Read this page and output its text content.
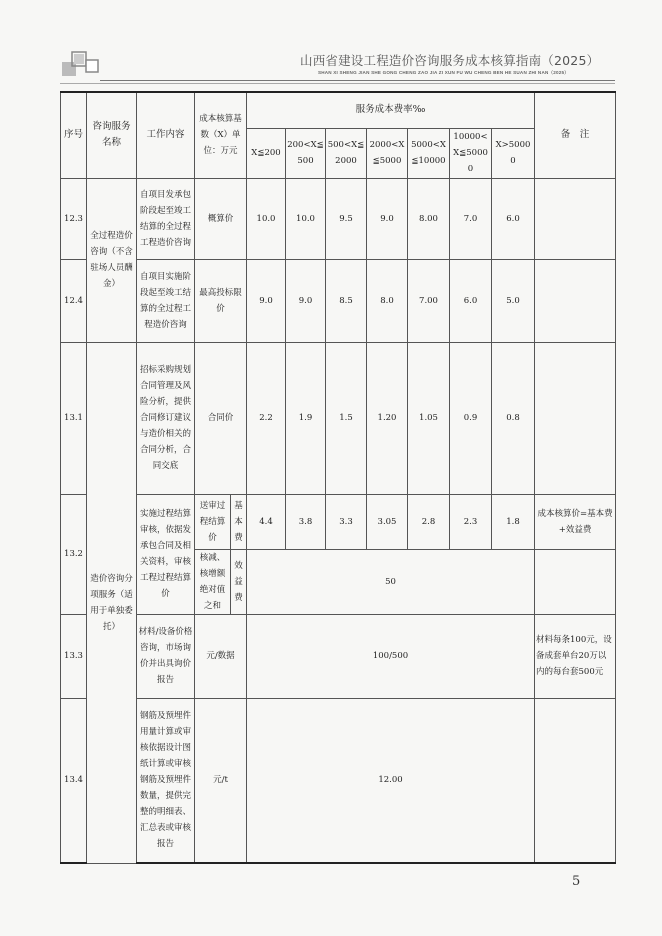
山西省建设工程造价咨询服务成本核算指南（2025）
SHAN XI SHENG JIAN SHE GONG CHENG ZAO JIA ZI XUN FU WU CHENG BEN HE SUAN ZHI NAN（2025）
序号	咨询服务名称	工作内容	成本核算基数（X）单位：万元		服务成本费率‰							备　注
					X≦200	200<X≦500	500<X≦2000	2000<X≦5000	5000<X≦10000	10000<X≦50000	X>50000	
12.3	全过程造价咨询（不含驻场人员酬金）	自项目发承包阶段起至竣工结算的全过程工程造价咨询	概算价		10.0	10.0	9.5	9.0	8.00	7.0	6.0	
12.4		自项目实施阶段起至竣工结算的全过程工程造价咨询	最高投标限价		9.0	9.0	8.5	8.0	7.00	6.0	5.0	
13.1	造价咨询分项服务（适用于单独委托）	招标采购规划合同管理及风险分析，提供合同修订建议与造价相关的合同分析，合同交底	合同价		2.2	1.9	1.5	1.20	1.05	0.9	0.8	
13.2		实施过程结算审核，依据发承包合同及相关资料，审核工程过程结算价	送审过程结算价	基本费	4.4	3.8	3.3	3.05	2.8	2.3	1.8	成本核算价=基本费+效益费
			核减、核增额绝对值之和	效益费	50							
13.3		材料/设备价格咨询，市场询价并出具询价报告	元/数据		100/500							材料每条100元，设备成套单台20万以内的每台套500元
13.4		钢筋及预埋件用量计算或审核依据设计图纸计算或审核钢筋及预埋件数量，提供完整的明细表、汇总表或审核报告	元/t		12.00							
5
